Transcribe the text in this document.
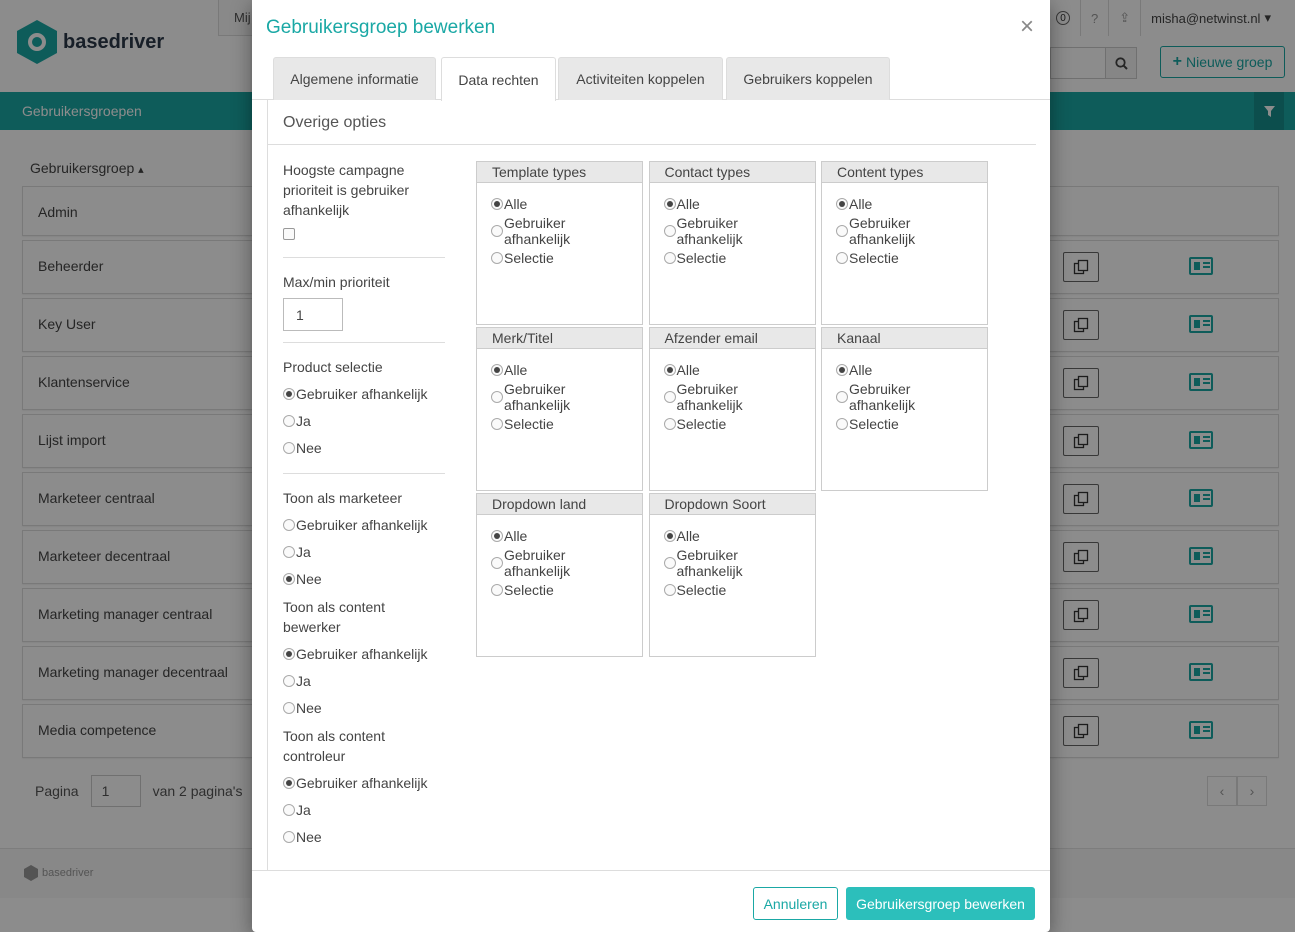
basedriver
Mij	0	?	⇪	misha@netwinst.nl ▾
+ Nieuwe groep
Gebruikersgroepen
Gebruikersgroep ▴
Admin
Beheerder
Key User
Klantenservice
Lijst import
Marketeer centraal
Marketeer decentraal
Marketing manager centraal
Marketing manager decentraal
Media competence
Pagina	1	van 2 pagina's	‹	›
basedriver
Gebruikersgroep bewerken	×
Algemene informatie	Data rechten	Activiteiten koppelen	Gebruikers koppelen
Overige opties
Hoogste campagne prioriteit is gebruiker afhankelijk
Max/min prioriteit
1
Product selectie
Gebruiker afhankelijk
Ja
Nee
Toon als marketeer
Gebruiker afhankelijk
Ja
Nee
Toon als content bewerker
Gebruiker afhankelijk
Ja
Nee
Toon als content controleur
Gebruiker afhankelijk
Ja
Nee
Template types
Alle
Gebruiker afhankelijk
Selectie
Contact types
Alle
Gebruiker afhankelijk
Selectie
Content types
Alle
Gebruiker afhankelijk
Selectie
Merk/Titel
Alle
Gebruiker afhankelijk
Selectie
Afzender email
Alle
Gebruiker afhankelijk
Selectie
Kanaal
Alle
Gebruiker afhankelijk
Selectie
Dropdown land
Alle
Gebruiker afhankelijk
Selectie
Dropdown Soort
Alle
Gebruiker afhankelijk
Selectie
Annuleren	Gebruikersgroep bewerken
